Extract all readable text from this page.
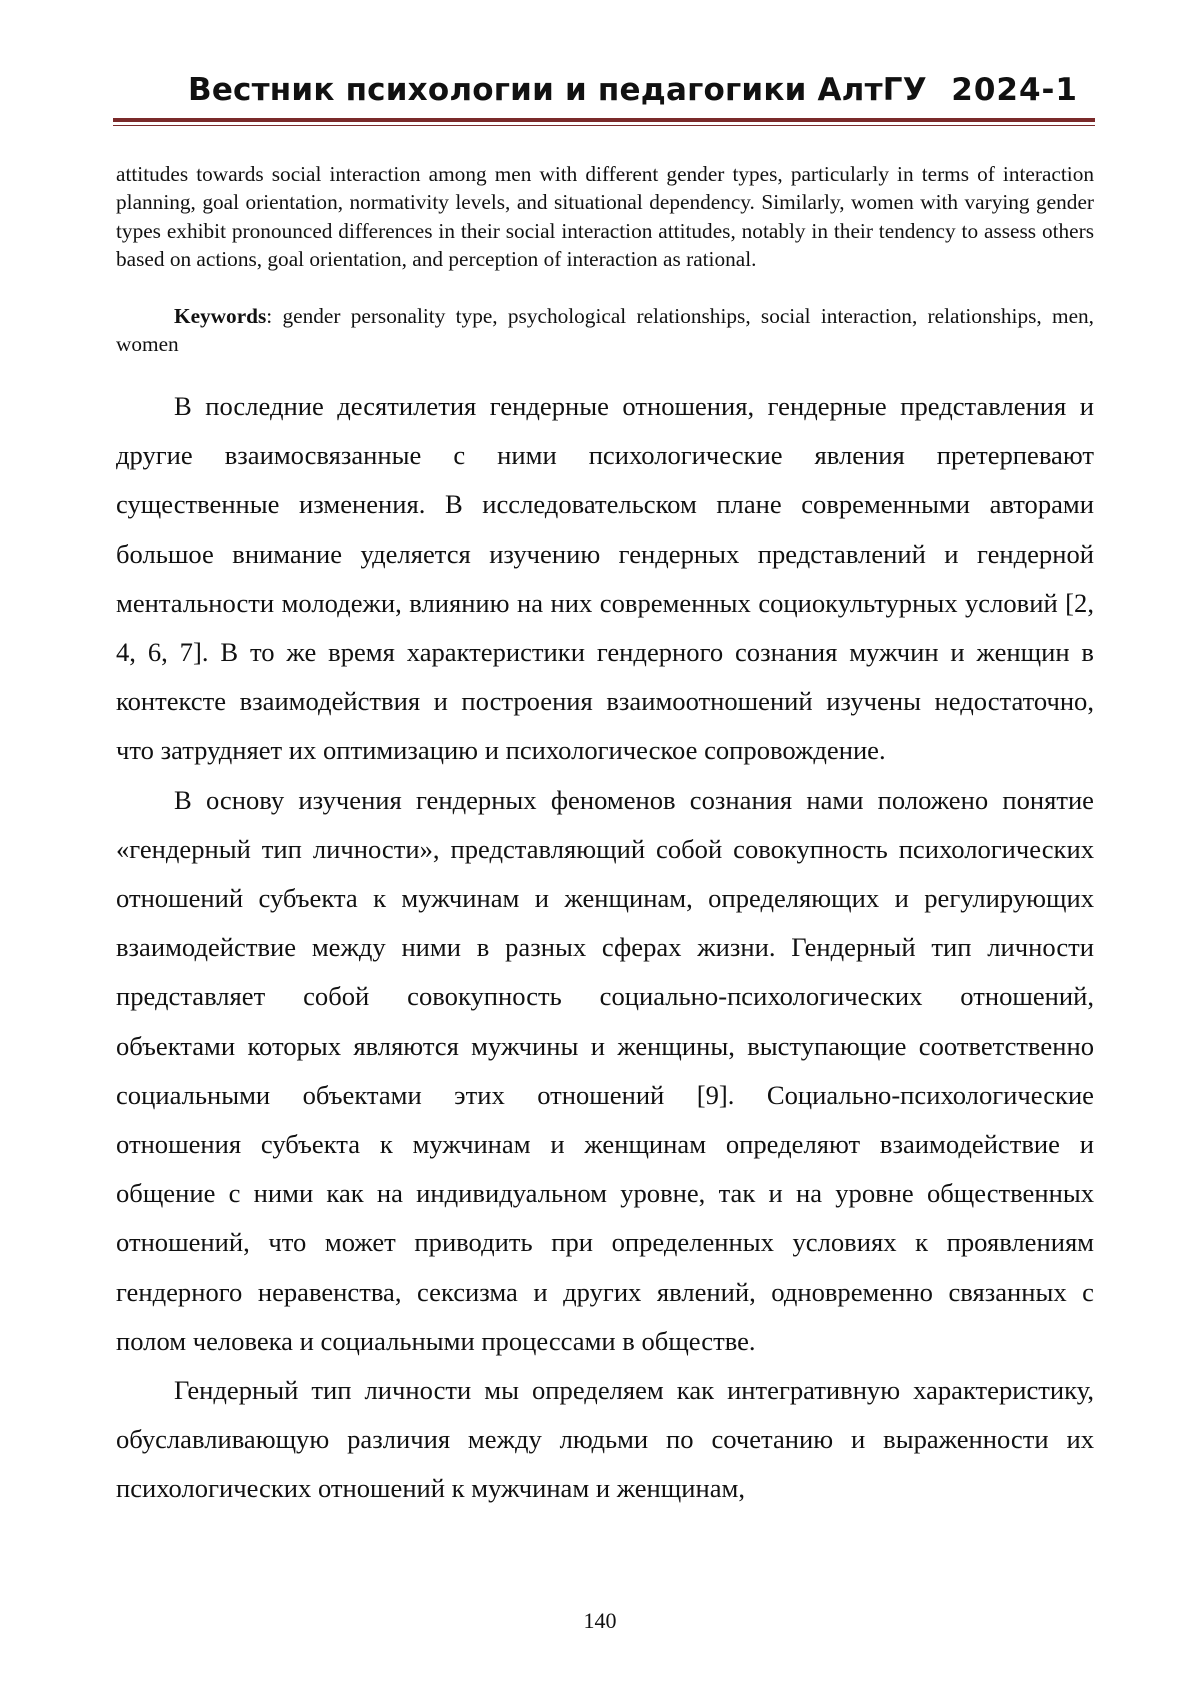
Вестник психологии и педагогики АлтГУ 2024-1

attitudes towards social interaction among men with different gender types, particularly in terms of interaction planning, goal orientation, normativity levels, and situational dependency. Similarly, women with varying gender types exhibit pronounced differences in their social interaction attitudes, notably in their tendency to assess others based on actions, goal orientation, and perception of interaction as rational.

Keywords: gender personality type, psychological relationships, social interaction, relationships, men, women

В последние десятилетия гендерные отношения, гендерные представления и другие взаимосвязанные с ними психологические явления претерпевают существенные изменения. В исследовательском плане современными авторами большое внимание уделяется изучению гендерных представлений и гендерной ментальности молодежи, влиянию на них современных социокультурных условий [2, 4, 6, 7]. В то же время характеристики гендерного сознания мужчин и женщин в контексте взаимодействия и построения взаимоотношений изучены недостаточно, что затрудняет их оптимизацию и психологическое сопровождение.

В основу изучения гендерных феноменов сознания нами положено понятие «гендерный тип личности», представляющий собой совокупность психологических отношений субъекта к мужчинам и женщинам, определяющих и регулирующих взаимодействие между ними в разных сферах жизни. Гендерный тип личности представляет собой совокупность социально-психологических отношений, объектами которых являются мужчины и женщины, выступающие соответственно социальными объектами этих отношений [9]. Социально-психологические отношения субъекта к мужчинам и женщинам определяют взаимодействие и общение с ними как на индивидуальном уровне, так и на уровне общественных отношений, что может приводить при определенных условиях к проявлениям гендерного неравенства, сексизма и других явлений, одновременно связанных с полом человека и социальными процессами в обществе.

Гендерный тип личности мы определяем как интегративную характеристику, обуславливающую различия между людьми по сочетанию и выраженности их психологических отношений к мужчинам и женщинам,

140
